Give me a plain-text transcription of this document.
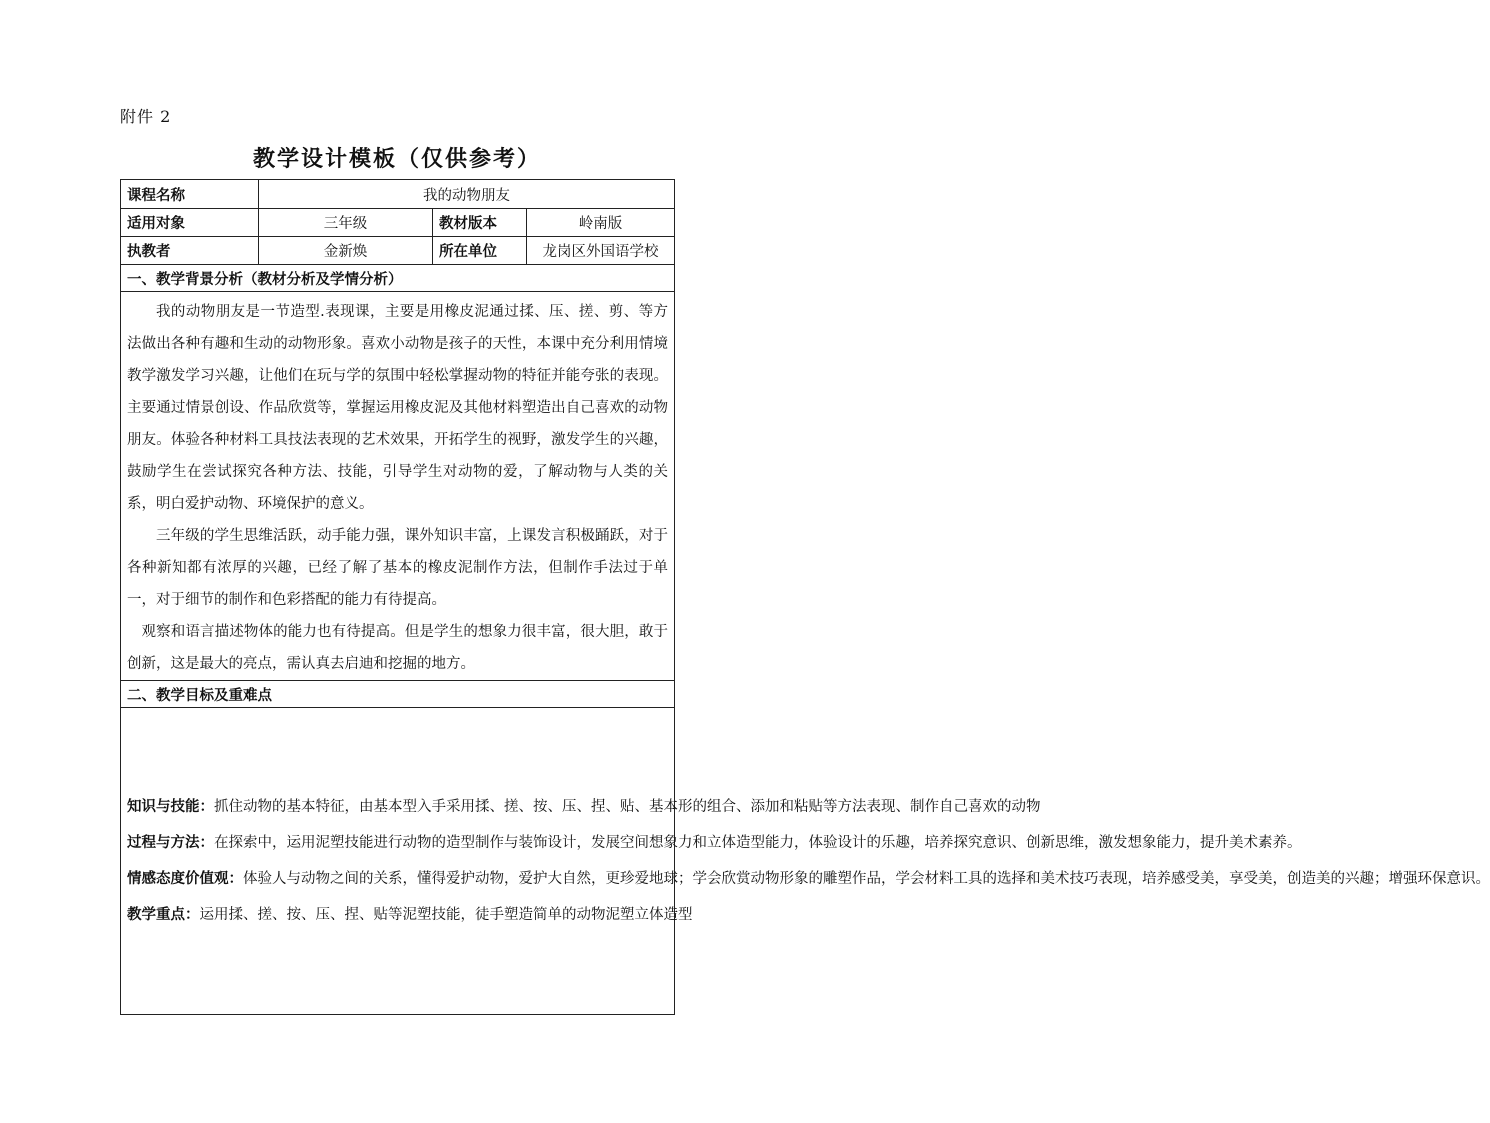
附件 2
教学设计模板（仅供参考）
课程名称	我的动物朋友		
适用对象	三年级	教材版本	岭南版
执教者	金新焕	所在单位	龙岗区外国语学校
一、教学背景分析（教材分析及学情分析）			

我的动物朋友是一节造型.表现课，主要是用橡皮泥通过揉、压、搓、剪、等方法做出各种有趣和生动的动物形象。喜欢小动物是孩子的天性，本课中充分利用情境教学激发学习兴趣，让他们在玩与学的氛围中轻松掌握动物的特征并能夸张的表现。主要通过情景创设、作品欣赏等，掌握运用橡皮泥及其他材料塑造出自己喜欢的动物朋友。体验各种材料工具技法表现的艺术效果，开拓学生的视野，激发学生的兴趣，鼓励学生在尝试探究各种方法、技能，引导学生对动物的爱，了解动物与人类的关系，明白爱护动物、环境保护的意义。

三年级的学生思维活跃，动手能力强，课外知识丰富，上课发言积极踊跃，对于各种新知都有浓厚的兴趣，已经了解了基本的橡皮泥制作方法，但制作手法过于单一，对于细节的制作和色彩搭配的能力有待提高。

观察和语言描述物体的能力也有待提高。但是学生的想象力很丰富，很大胆，敢于创新，这是最大的亮点，需认真去启迪和挖掘的地方。			

二、教学目标及重难点			

知识与技能：抓住动物的基本特征，由基本型入手采用揉、搓、按、压、捏、贴、基本形的组合、添加和粘贴等方法表现、制作自己喜欢的动物

过程与方法：在探索中，运用泥塑技能进行动物的造型制作与装饰设计，发展空间想象力和立体造型能力，体验设计的乐趣，培养探究意识、创新思维，激发想象能力，提升美术素养。

情感态度价值观：体验人与动物之间的关系，懂得爱护动物，爱护大自然，更珍爱地球；学会欣赏动物形象的雕塑作品，学会材料工具的选择和美术技巧表现，培养感受美，享受美，创造美的兴趣；增强环保意识。

教学重点：运用揉、搓、按、压、捏、贴等泥塑技能，徒手塑造简单的动物泥塑立体造型			
